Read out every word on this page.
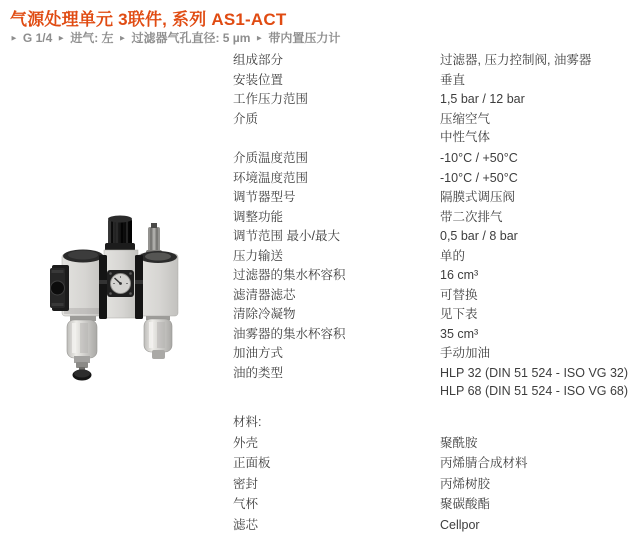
气源处理单元 3联件, 系列 AS1-ACT
► G 1/4 ► 进气: 左 ► 过滤器气孔直径: 5 µm ► 带内置压力计
组成部分	过滤器, 压力控制阀, 油雾器
安装位置	垂直
工作压力范围	1,5 bar / 12 bar
介质	压缩空气
中性气体
介质温度范围	-10°C / +50°C
环境温度范围	-10°C / +50°C
调节器型号	隔膜式调压阀
调整功能	带二次排气
调节范围 最小/最大	0,5 bar / 8 bar
压力输送	单的
过滤器的集水杯容积	16 cm³
滤清器滤芯	可替换
清除冷凝物	见下表
油雾器的集水杯容积	35 cm³
加油方式	手动加油
油的类型	HLP 32 (DIN 51 524 - ISO VG 32)
HLP 68 (DIN 51 524 - ISO VG 68)
材料:
外壳	聚酰胺
正面板	丙烯腈合成材料
密封	丙烯树胶
气杯	聚碳酸酯
滤芯	Cellpor
